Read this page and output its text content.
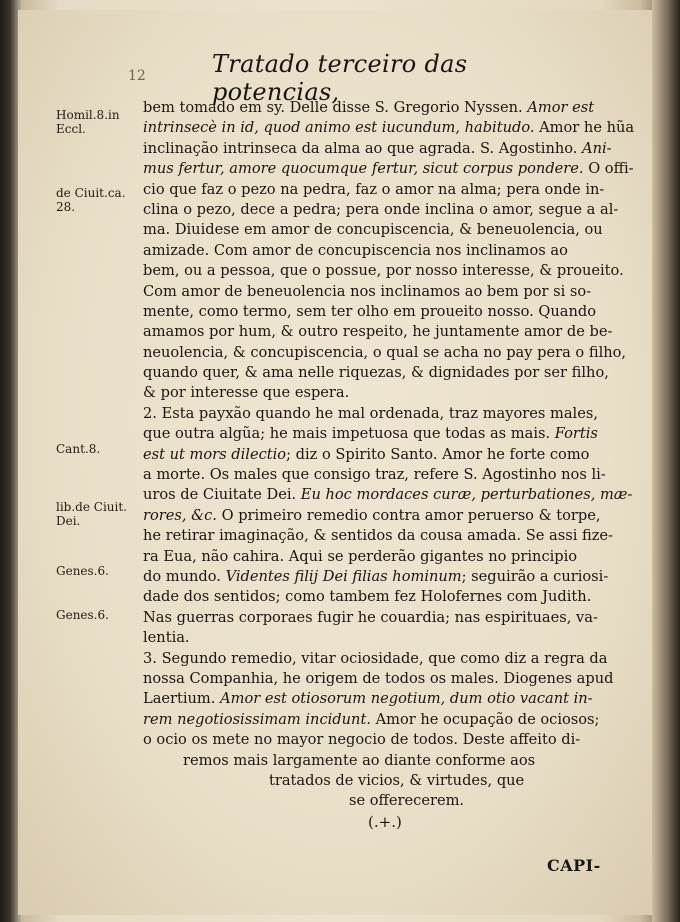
12	Tratado terceiro das potencias,
Homil.8.in
Eccl.
de Ciuit.ca.
28.
Cant.8.
lib.de Ciuit.
Dei.
Genes.6.
Genes.6.
bem tomado em sy. Delle disse S. Gregorio Nyssen. Amor est
intrinsecè in id, quod animo est iucundum, habitudo. Amor he hũa
inclinação intrinseca da alma ao que agrada. S. Agostinho. Ani-
mus fertur, amore quocumque fertur, sicut corpus pondere. O offi-
cio que faz o pezo na pedra, faz o amor na alma; pera onde in-
clina o pezo, dece a pedra; pera onde inclina o amor, segue a al-
ma. Diuidese em amor de concupiscencia, & beneuolencia, ou
amizade. Com amor de concupiscencia nos inclinamos ao
bem, ou a pessoa, que o possue, por nosso interesse, & proueito.
Com amor de beneuolencia nos inclinamos ao bem por si so-
mente, como termo, sem ter olho em proueito nosso. Quando
amamos por hum, & outro respeito, he juntamente amor de be-
neuolencia, & concupiscencia, o qual se acha no pay pera o filho,
quando quer, & ama nelle riquezas, & dignidades por ser filho,
& por interesse que espera.
2. Esta payxão quando he mal ordenada, traz mayores males,
que outra algũa; he mais impetuosa que todas as mais. Fortis
est ut mors dilectio; diz o Spirito Santo. Amor he forte como
a morte. Os males que consigo traz, refere S. Agostinho nos li-
uros de Ciuitate Dei. Eu hoc mordaces curæ, perturbationes, mæ-
rores, &c. O primeiro remedio contra amor peruerso & torpe,
he retirar imaginação, & sentidos da cousa amada. Se assi fize-
ra Eua, não cahira. Aqui se perderão gigantes no principio
do mundo. Videntes filij Dei filias hominum; seguirão a curiosi-
dade dos sentidos; como tambem fez Holofernes com Judith.
Nas guerras corporaes fugir he couardia; nas espirituaes, va-
lentia.
3. Segundo remedio, vitar ociosidade, que como diz a regra da
nossa Companhia, he origem de todos os males. Diogenes apud
Laertium. Amor est otiosorum negotium, dum otio vacant in-
rem negotiosissimam incidunt. Amor he ocupação de ociosos;
o ocio os mete no mayor negocio de todos. Deste affeito di-
remos mais largamente ao diante conforme aos
tratados de vicios, & virtudes, que
se offerecerem.
(.+.)
CAPI-
